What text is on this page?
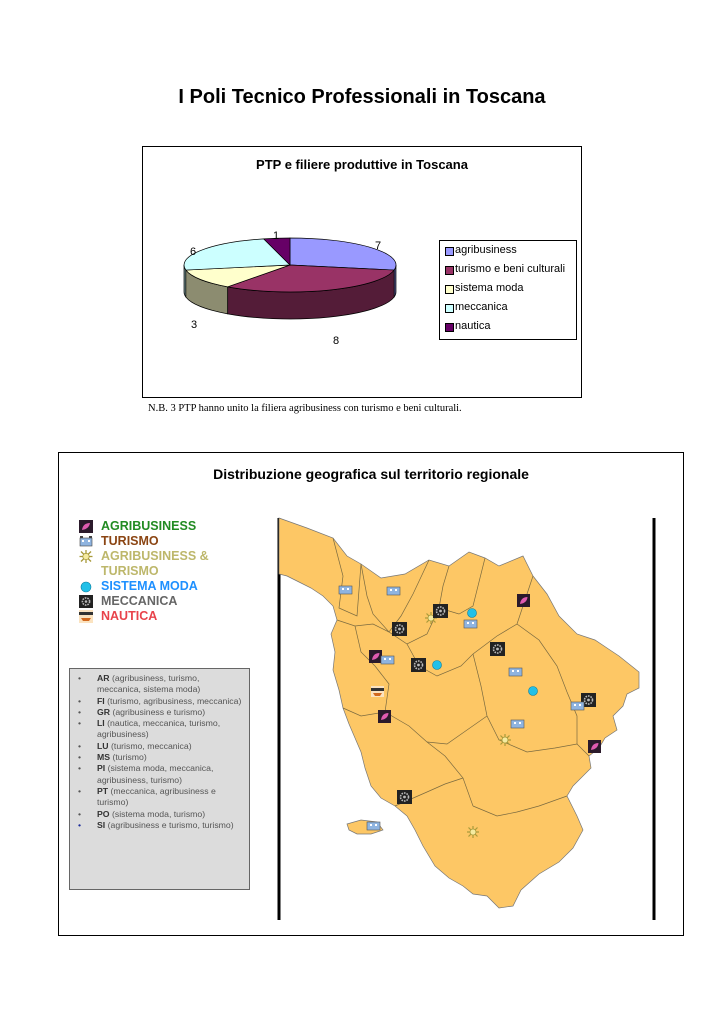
I Poli Tecnico Professionali in Toscana
PTP e filiere produttive in Toscana
7
8
3
6
1
agribusiness
turismo e beni culturali
sistema moda
meccanica
nautica
N.B. 3 PTP hanno unito la filiera agribusiness con turismo e beni culturali.
Distribuzione geografica sul territorio regionale
AGRIBUSINESS
TURISMO
AGRIBUSINESS &
TURISMO
SISTEMA MODA
MECCANICA
NAUTICA
• AR (agribusiness, turismo, meccanica, sistema moda)
• FI (turismo, agribusiness, meccanica)
• GR (agribusiness e turismo)
• LI (nautica, meccanica, turismo, agribusiness)
• LU (turismo, meccanica)
• MS (turismo)
• PI (sistema moda, meccanica, agribusiness, turismo)
• PT (meccanica, agribusiness e turismo)
• PO (sistema moda, turismo)
• SI (agribusiness e turismo, turismo)
